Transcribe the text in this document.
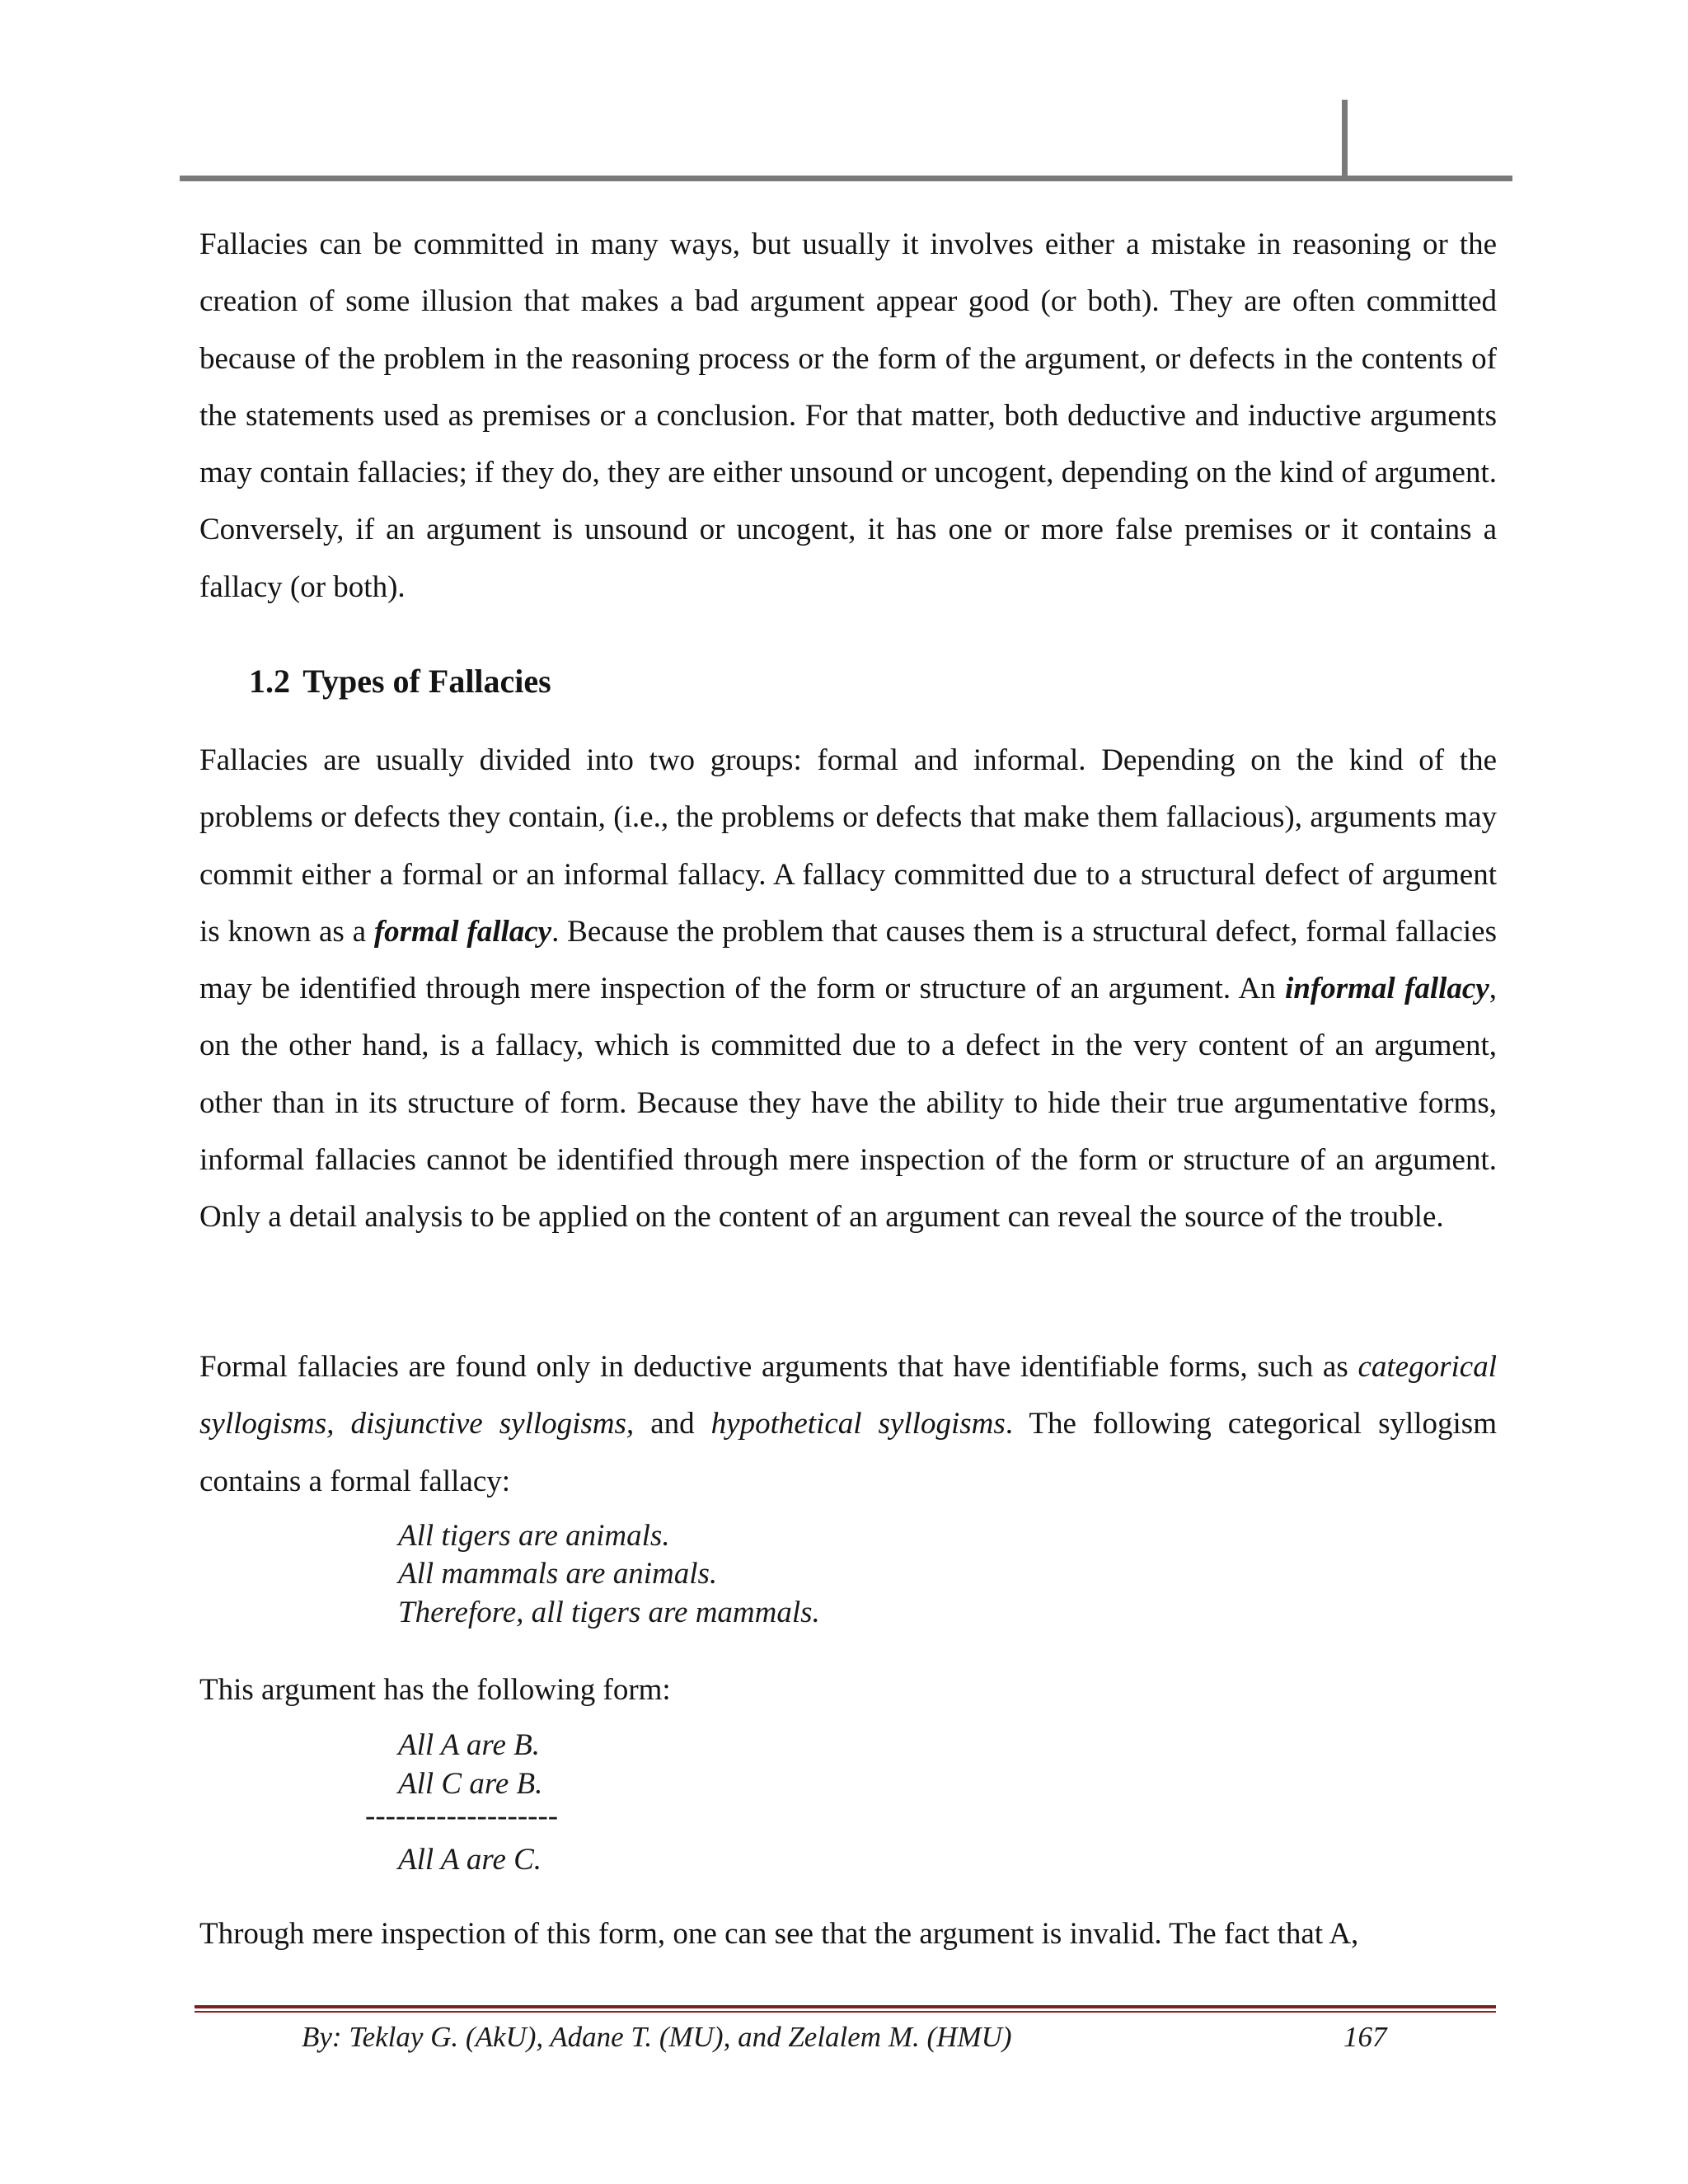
Fallacies can be committed in many ways, but usually it involves either a mistake in reasoning or the creation of some illusion that makes a bad argument appear good (or both). They are often committed because of the problem in the reasoning process or the form of the argument, or defects in the contents of the statements used as premises or a conclusion. For that matter, both deductive and inductive arguments may contain fallacies; if they do, they are either unsound or uncogent, depending on the kind of argument. Conversely, if an argument is unsound or uncogent, it has one or more false premises or it contains a fallacy (or both).

1.2 Types of Fallacies

Fallacies are usually divided into two groups: formal and informal. Depending on the kind of the problems or defects they contain, (i.e., the problems or defects that make them fallacious), arguments may commit either a formal or an informal fallacy. A fallacy committed due to a structural defect of argument is known as a formal fallacy. Because the problem that causes them is a structural defect, formal fallacies may be identified through mere inspection of the form or structure of an argument. An informal fallacy, on the other hand, is a fallacy, which is committed due to a defect in the very content of an argument, other than in its structure of form. Because they have the ability to hide their true argumentative forms, informal fallacies cannot be identified through mere inspection of the form or structure of an argument. Only a detail analysis to be applied on the content of an argument can reveal the source of the trouble.

Formal fallacies are found only in deductive arguments that have identifiable forms, such as categorical syllogisms, disjunctive syllogisms, and hypothetical syllogisms. The following categorical syllogism contains a formal fallacy:

All tigers are animals.

All mammals are animals.

Therefore, all tigers are mammals.

This argument has the following form:

All A are B.

All C are B.

-------------------

All A are C.

Through mere inspection of this form, one can see that the argument is invalid. The fact that A,

By: Teklay G. (AkU), Adane T. (MU), and Zelalem M. (HMU)	167
